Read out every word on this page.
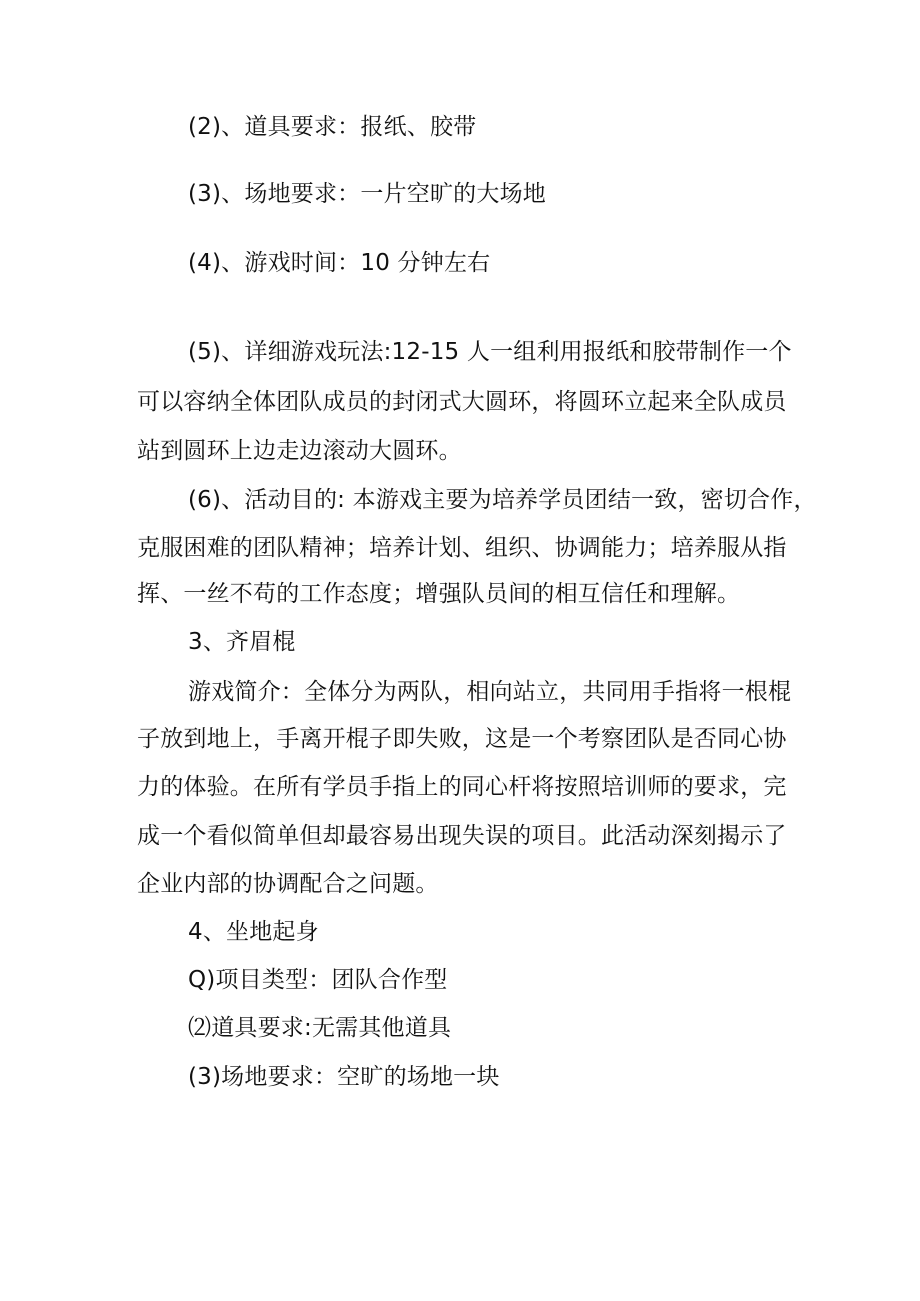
(2)、道具要求：报纸、胶带
(3)、场地要求：一片空旷的大场地
(4)、游戏时间：10 分钟左右
(5)、详细游戏玩法:12-15 人一组利用报纸和胶带制作一个
可以容纳全体团队成员的封闭式大圆环，将圆环立起来全队成员
站到圆环上边走边滚动大圆环。
(6)、活动目的: 本游戏主要为培养学员团结一致，密切合作，
克服困难的团队精神；培养计划、组织、协调能力；培养服从指
挥、一丝不苟的工作态度；增强队员间的相互信任和理解。
3、齐眉棍
游戏简介：全体分为两队，相向站立，共同用手指将一根棍
子放到地上，手离开棍子即失败，这是一个考察团队是否同心协
力的体验。在所有学员手指上的同心杆将按照培训师的要求，完
成一个看似简单但却最容易出现失误的项目。此活动深刻揭示了
企业内部的协调配合之问题。
4、坐地起身
Q)项目类型：团队合作型
⑵道具要求:无需其他道具
(3)场地要求：空旷的场地一块
